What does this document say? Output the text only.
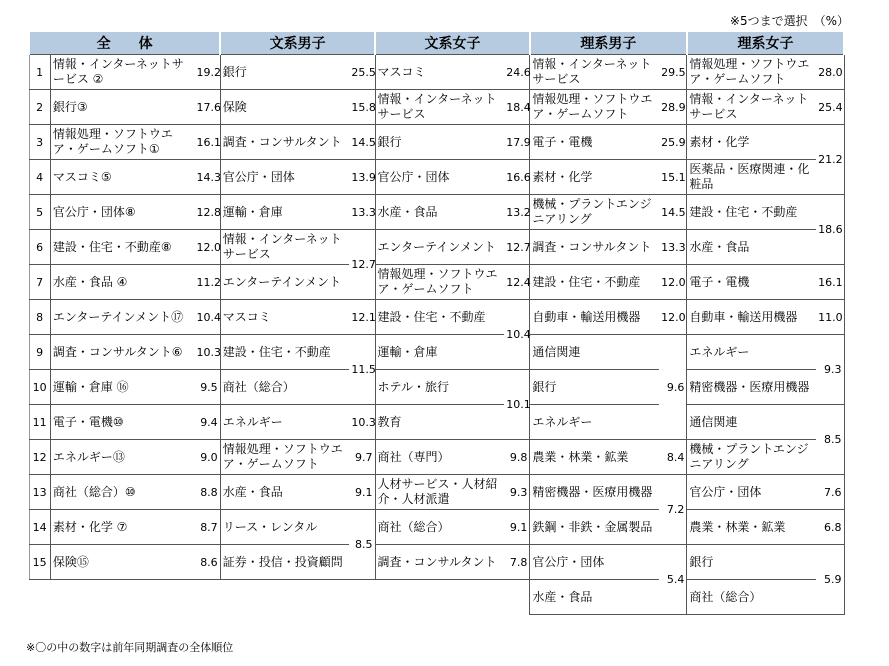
※5つまで選択　（%）
全　　体			文系男子		文系女子		理系男子		理系女子	
1	情報・インターネットサービス ②	19.2	銀行	25.5	マスコミ	24.6	情報・インターネットサービス	29.5	情報処理・ソフトウエア・ゲームソフト	28.0
2	銀行③	17.6	保険	15.8	情報・インターネットサービス	18.4	情報処理・ソフトウエア・ゲームソフト	28.9	情報・インターネットサービス	25.4
3	情報処理・ソフトウエア・ゲームソフト①	16.1	調査・コンサルタント	14.5	銀行	17.9	電子・電機	25.9	素材・化学	21.2
4	マスコミ⑤	14.3	官公庁・団体	13.9	官公庁・団体	16.6	素材・化学	15.1	医薬品・医療関連・化粧品	
5	官公庁・団体⑧	12.8	運輸・倉庫	13.3	水産・食品	13.2	機械・プラントエンジニアリング	14.5	建設・住宅・不動産	18.6
6	建設・住宅・不動産⑧	12.0	情報・インターネットサービス	12.7	エンターテインメント	12.7	調査・コンサルタント	13.3	水産・食品	
7	水産・食品 ④	11.2	エンターテインメント		情報処理・ソフトウエア・ゲームソフト	12.4	建設・住宅・不動産	12.0	電子・電機	16.1
8	エンターテインメント⑰	10.4	マスコミ	12.1	建設・住宅・不動産	10.4	自動車・輸送用機器	12.0	自動車・輸送用機器	11.0
9	調査・コンサルタント⑥	10.3	建設・住宅・不動産	11.5	運輸・倉庫		通信関連	9.6	エネルギー	9.3
10	運輸・倉庫 ⑯	9.5	商社（総合）		ホテル・旅行	10.1	銀行		精密機器・医療用機器	
11	電子・電機⑩	9.4	エネルギー	10.3	教育		エネルギー		通信関連	8.5
12	エネルギー⑬	9.0	情報処理・ソフトウエア・ゲームソフト	9.7	商社（専門）	9.8	農業・林業・鉱業	8.4	機械・プラントエンジニアリング	
13	商社（総合）⑩	8.8	水産・食品	9.1	人材サービス・人材紹介・人材派遣	9.3	精密機器・医療用機器	7.2	官公庁・団体	7.6
14	素材・化学 ⑦	8.7	リース・レンタル	8.5	商社（総合）	9.1	鉄鋼・非鉄・金属製品		農業・林業・鉱業	6.8
15	保険⑮	8.6	証券・投信・投資顧問		調査・コンサルタント	7.8	官公庁・団体	5.4	銀行	5.9
							水産・食品		商社（総合）	
※〇の中の数字は前年同期調査の全体順位
